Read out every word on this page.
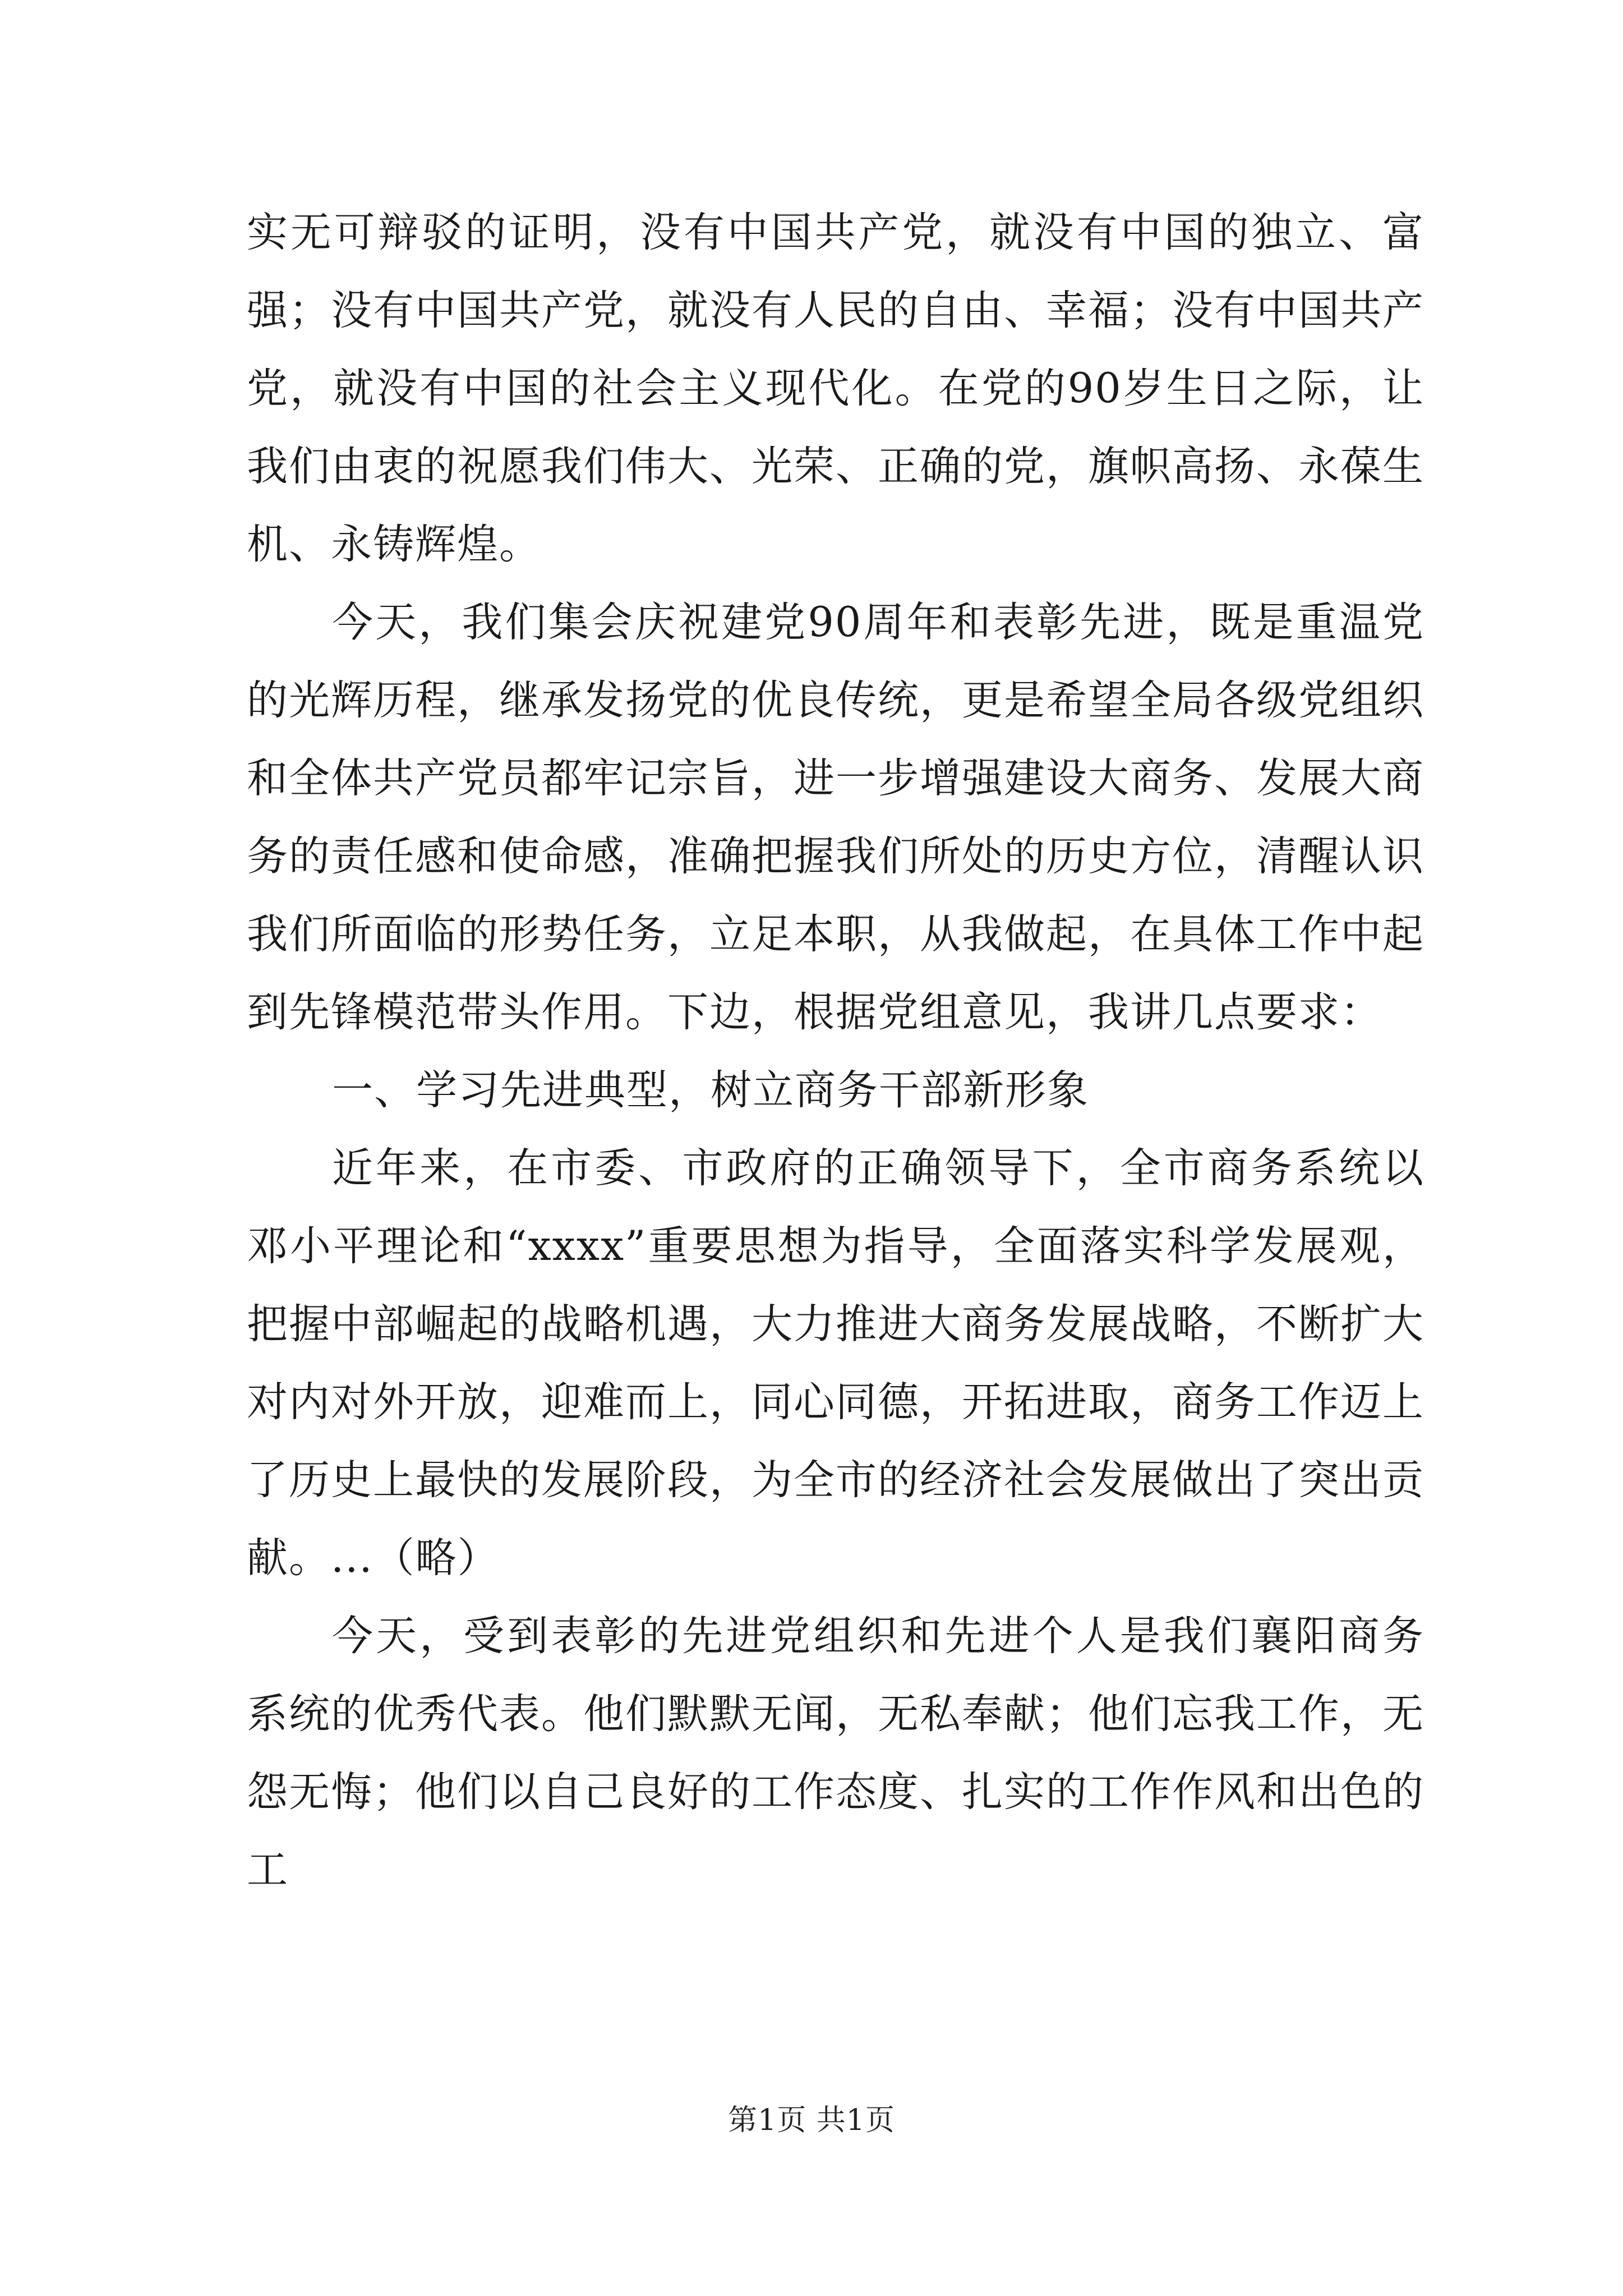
实无可辩驳的证明，没有中国共产党，就没有中国的独立、富强；没有中国共产党，就没有人民的自由、幸福；没有中国共产党，就没有中国的社会主义现代化。在党的90岁生日之际，让我们由衷的祝愿我们伟大、光荣、正确的党，旗帜高扬、永葆生机、永铸辉煌。

今天，我们集会庆祝建党90周年和表彰先进，既是重温党的光辉历程，继承发扬党的优良传统，更是希望全局各级党组织和全体共产党员都牢记宗旨，进一步增强建设大商务、发展大商务的责任感和使命感，准确把握我们所处的历史方位，清醒认识我们所面临的形势任务，立足本职，从我做起，在具体工作中起到先锋模范带头作用。下边，根据党组意见，我讲几点要求：

一、学习先进典型，树立商务干部新形象

近年来，在市委、市政府的正确领导下，全市商务系统以邓小平理论和“xxxx”重要思想为指导，全面落实科学发展观，把握中部崛起的战略机遇，大力推进大商务发展战略，不断扩大对内对外开放，迎难而上，同心同德，开拓进取，商务工作迈上了历史上最快的发展阶段，为全市的经济社会发展做出了突出贡献。...（略）

今天，受到表彰的先进党组织和先进个人是我们襄阳商务系统的优秀代表。他们默默无闻，无私奉献；他们忘我工作，无怨无悔；他们以自己良好的工作态度、扎实的工作作风和出色的工

第1页 共1页
